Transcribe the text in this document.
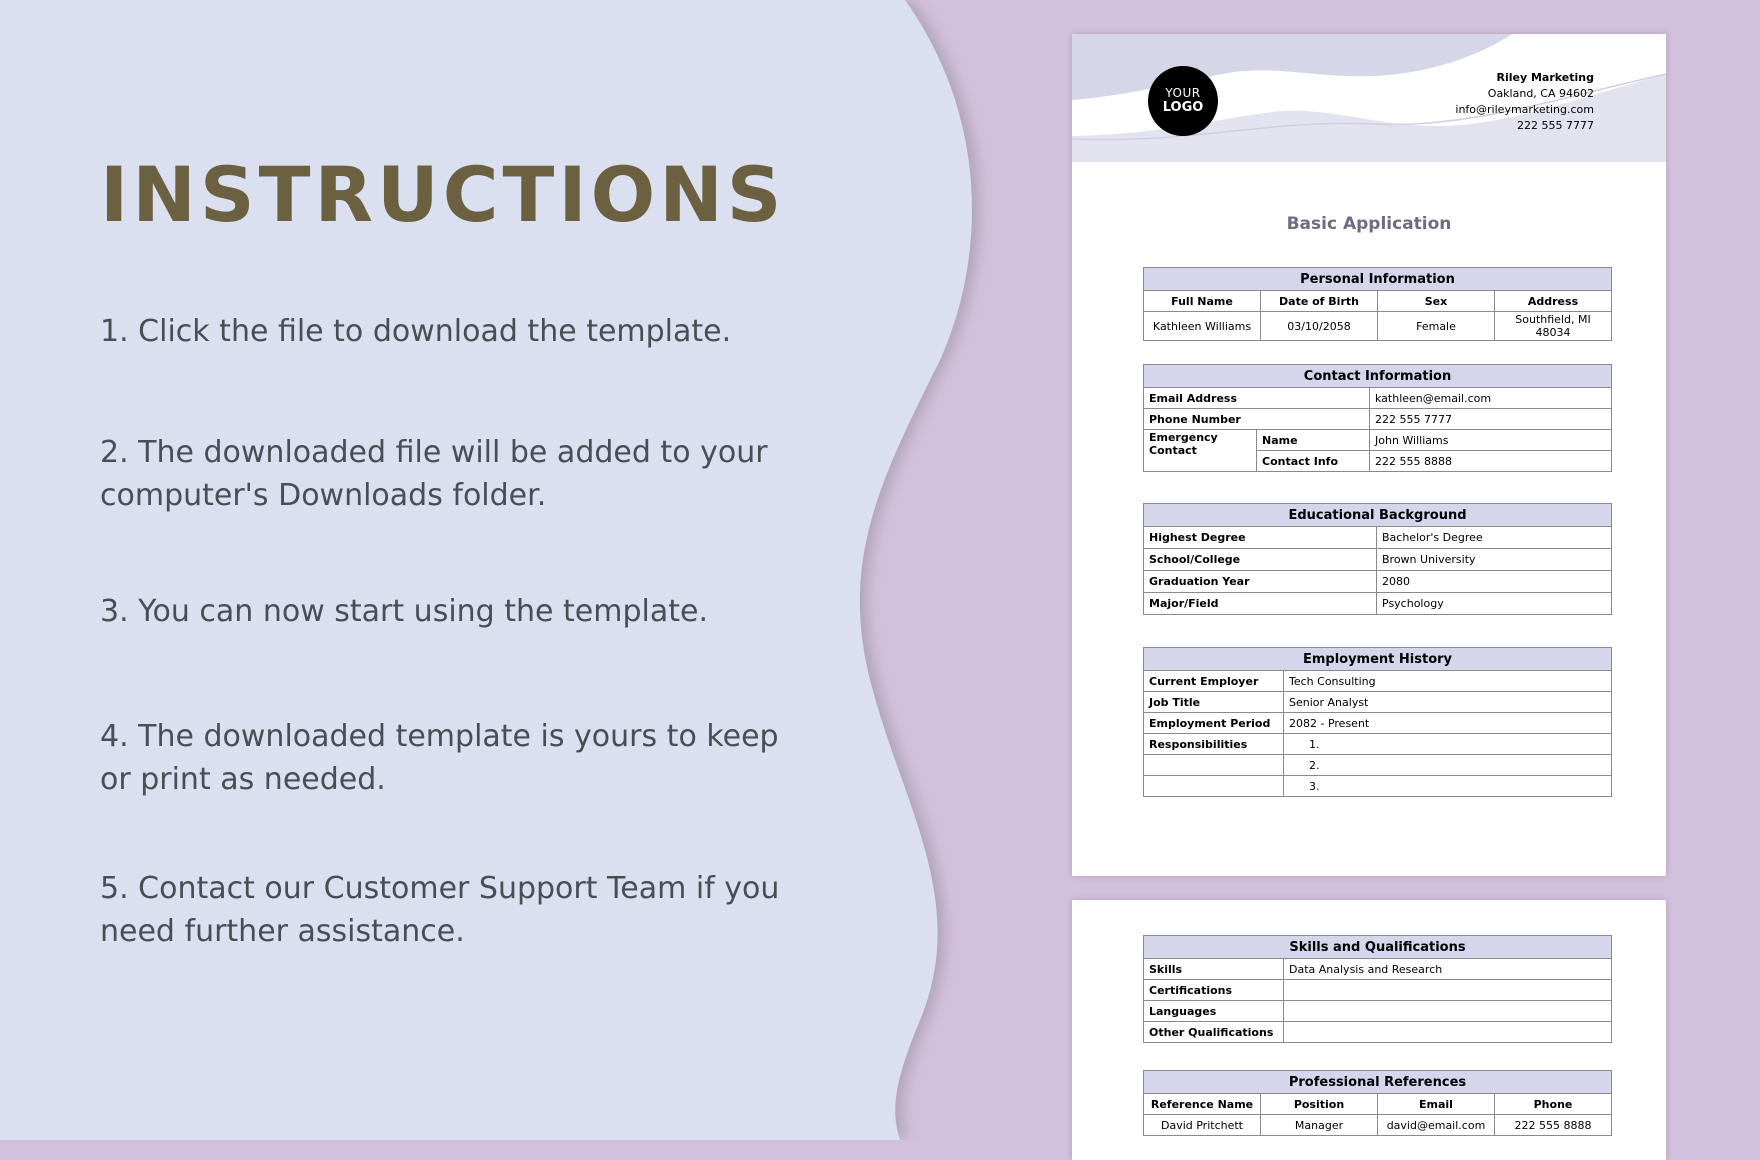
INSTRUCTIONS

1. Click the file to download the template.

2. The downloaded file will be added to your computer's Downloads folder.

3. You can now start using the template.

4. The downloaded template is yours to keep or print as needed.

5. Contact our Customer Support Team if you need further assistance.

YOUR
LOGO
Riley Marketing
Oakland, CA 94602
info@rileymarketing.com
222 555 7777
Basic Application
Personal Information			
Full Name	Date of Birth	Sex	Address
Kathleen Williams	03/10/2058	Female	Southfield, MI 48034
Contact Information		
Email Address		kathleen@email.com
Phone Number		222 555 7777
Emergency Contact	Name	John Williams
	Contact Info	222 555 8888
Educational Background	
Highest Degree	Bachelor's Degree
School/College	Brown University
Graduation Year	2080
Major/Field	Psychology
Employment History	
Current Employer	Tech Consulting
Job Title	Senior Analyst
Employment Period	2082 - Present
Responsibilities	1.
	2.
	3.
Skills and Qualifications	
Skills	Data Analysis and Research
Certifications	
Languages	
Other Qualifications	
Professional References			
Reference Name	Position	Email	Phone
David Pritchett	Manager	david@email.com	222 555 8888
